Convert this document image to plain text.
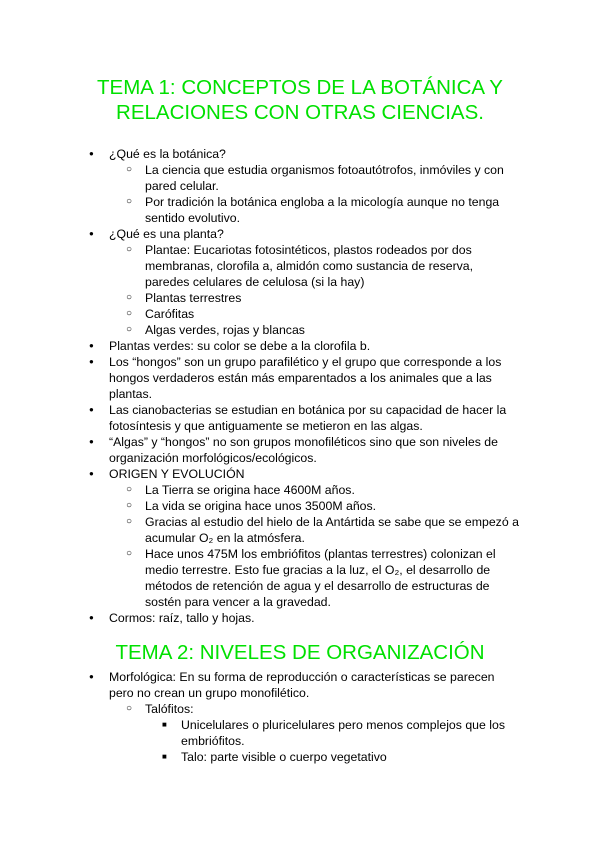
TEMA 1: CONCEPTOS DE LA BOTÁNICA Y
RELACIONES CON OTRAS CIENCIAS.
● ¿Qué es la botánica?
○ La ciencia que estudia organismos fotoautótrofos, inmóviles y con pared celular.
○ Por tradición la botánica engloba a la micología aunque no tenga sentido evolutivo.
● ¿Qué es una planta?
○ Plantae: Eucariotas fotosintéticos, plastos rodeados por dos membranas, clorofila a, almidón como sustancia de reserva, paredes celulares de celulosa (si la hay)
○ Plantas terrestres
○ Carófitas
○ Algas verdes, rojas y blancas
● Plantas verdes: su color se debe a la clorofila b.
● Los “hongos” son un grupo parafilético y el grupo que corresponde a los hongos verdaderos están más emparentados a los animales que a las plantas.
● Las cianobacterias se estudian en botánica por su capacidad de hacer la fotosíntesis y que antiguamente se metieron en las algas.
● “Algas” y “hongos” no son grupos monofiléticos sino que son niveles de organización morfológicos/ecológicos.
● ORIGEN Y EVOLUCIÓN
○ La Tierra se origina hace 4600M años.
○ La vida se origina hace unos 3500M años.
○ Gracias al estudio del hielo de la Antártida se sabe que se empezó a acumular O₂ en la atmósfera.
○ Hace unos 475M los embriófitos (plantas terrestres) colonizan el medio terrestre. Esto fue gracias a la luz, el O₂, el desarrollo de métodos de retención de agua y el desarrollo de estructuras de sostén para vencer a la gravedad.
● Cormos: raíz, tallo y hojas.
TEMA 2: NIVELES DE ORGANIZACIÓN
● Morfológica: En su forma de reproducción o características se parecen pero no crean un grupo monofilético.
○ Talófitos:
■ Unicelulares o pluricelulares pero menos complejos que los embriófitos.
■ Talo: parte visible o cuerpo vegetativo
